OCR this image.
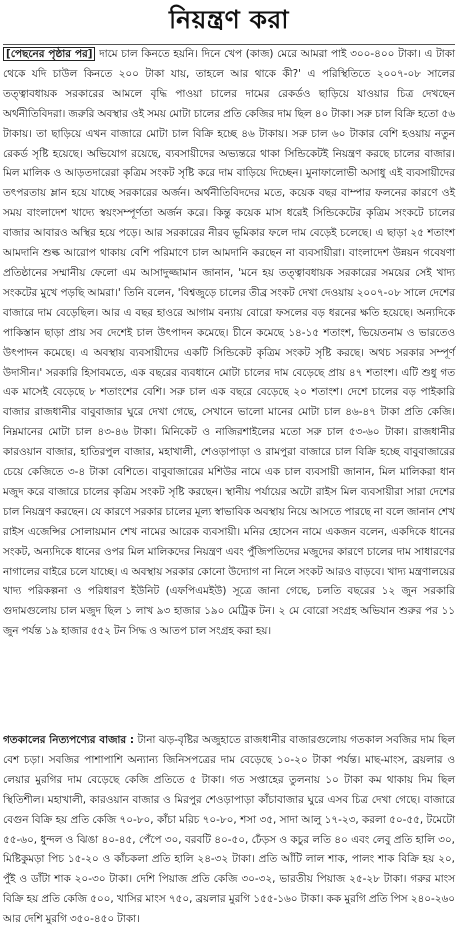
নিয়ন্ত্রণ করা

[পেছনের পৃষ্ঠার পর] দামে চাল কিনতে হয়নি। দিনে খেপ (কাজ) মেরে আমরা পাই ৩০০-৪০০ টাকা। এ টাকা থেকে যদি চাউল কিনতে ২০০ টাকা যায়, তাহলে আর থাকে কী?' এ পরিস্থিতিতে ২০০৭-০৮ সালের তত্ত্বাবধায়ক সরকারের আমলে বৃদ্ধি পাওয়া চালের দামের রেকর্ডও ছাড়িয়ে যাওয়ার চিত্র দেখছেন অর্থনীতিবিদরা। জরুরি অবস্থার ওই সময় মোটা চালের প্রতি কেজির দাম ছিল ৪০ টাকা। সরু চাল বিক্রি হতো ৫৬ টাকায়। তা ছাড়িয়ে এখন বাজারে মোটা চাল বিক্রি হচ্ছে ৪৬ টাকায়। সরু চাল ৬০ টাকার বেশি হওয়ায় নতুন রেকর্ড সৃষ্টি হয়েছে। অভিযোগ রয়েছে, ব্যবসায়ীদের অভ্যন্তরে থাকা সিন্ডিকেটই নিয়ন্ত্রণ করছে চালের বাজার। মিল মালিক ও আড়তদারেরা কৃত্রিম সংকট সৃষ্টি করে দাম বাড়িয়ে দিচ্ছেন। মুনাফালোভী অসাধু এই ব্যবসায়ীদের তৎপরতায় ম্লান হয়ে যাচ্ছে সরকারের অর্জন। অর্থনীতিবিদদের মতে, কয়েক বছর বাম্পার ফলনের কারণে ওই সময় বাংলাদেশ খাদ্যে স্বয়ংসম্পূর্ণতা অর্জন করে। কিন্তু কয়েক মাস ধরেই সিন্ডিকেটের কৃত্রিম সংকটে চালের বাজার আবারও অস্থির হয়ে পড়ে। আর সরকারের নীরব ভূমিকার ফলে দাম বেড়েই চলেছে। এ ছাড়া ২৫ শতাংশ আমদানি শুল্ক আরোপ থাকায় বেশি পরিমাণে চাল আমদানি করছেন না ব্যবসায়ীরা। বাংলাদেশ উন্নয়ন গবেষণা প্রতিষ্ঠানের সম্মানীয় ফেলো এম আসাদুজ্জামান জানান, 'মনে হয় তত্ত্বাবধায়ক সরকারের সময়ের সেই খাদ্য সংকটের মুখে পড়ছি আমরা।' তিনি বলেন, 'বিশ্বজুড়ে চালের তীব্র সংকট দেখা দেওয়ায় ২০০৭-০৮ সালে দেশের বাজারে দাম বেড়েছিল। আর এ বছর হাওরে আগাম বন্যায় বোরো ফসলের বড় ধরনের ক্ষতি হয়েছে। অন্যদিকে পাকিস্তান ছাড়া প্রায় সব দেশেই চাল উৎপাদন কমেছে। চীনে কমেছে ১৪-১৫ শতাংশ, ভিয়েতনাম ও ভারতেও উৎপাদন কমেছে। এ অবস্থায় ব্যবসায়ীদের একটি সিন্ডিকেট কৃত্রিম সংকট সৃষ্টি করছে। অথচ সরকার সম্পূর্ণ উদাসীন।' সরকারি হিসাবমতে, এক বছরের ব্যবধানে মোটা চালের দাম বেড়েছে প্রায় ৪৭ শতাংশ। এটি শুধু গত এক মাসেই বেড়েছে ৮ শতাংশের বেশি। সরু চাল এক বছরে বেড়েছে ২০ শতাংশ। দেশে চালের বড় পাইকারি বাজার রাজধানীর বাবুবাজার ঘুরে দেখা গেছে, সেখানে ভালো মানের মোটা চাল ৪৬-৪৭ টাকা প্রতি কেজি। নিম্নমানের মোটা চাল ৪৩-৪৬ টাকা। মিনিকেট ও নাজিরশাইলের মতো সরু চাল ৫৩-৬০ টাকা। রাজধানীর কারওয়ান বাজার, হাতিরপুল বাজার, মহাখালী, শেওড়াপাড়া ও রামপুরা বাজারে চাল বিক্রি হচ্ছে বাবুবাজারের চেয়ে কেজিতে ৩-৪ টাকা বেশিতে। বাবুবাজারের মশিউর নামে এক চাল ব্যবসায়ী জানান, মিল মালিকরা ধান মজুদ করে বাজারে চালের কৃত্রিম সংকট সৃষ্টি করছেন। স্থানীয় পর্যায়ের অটো রাইস মিল ব্যবসায়ীরা সারা দেশের চাল নিয়ন্ত্রণ করছেন। যে কারণে সরকার চালের মূল্য স্বাভাবিক অবস্থায় নিয়ে আসতে পারছে না বলে জানান শেখ রাইস এজেন্সির সোলায়মান শেখ নামের আরেক ব্যবসায়ী। মনির হোসেন নামে একজন বলেন, একদিকে ধানের সংকট, অন্যদিকে ধানের ওপর মিল মালিকদের নিয়ন্ত্রণ এবং পুঁজিপতিদের মজুদের কারণে চালের দাম সাধারণের নাগালের বাইরে চলে যাচ্ছে। এ অবস্থায় সরকার কোনো উদ্যোগ না নিলে সংকট আরও বাড়বে। খাদ্য মন্ত্রণালয়ের খাদ্য পরিকল্পনা ও পরিধারণ ইউনিট (এফপিএমইউ) সূত্রে জানা গেছে, চলতি বছরের ১২ জুন সরকারি গুদামগুলোয় চাল মজুদ ছিল ১ লাখ ৯৩ হাজার ১৯০ মেট্রিক টন। ২ মে বোরো সংগ্রহ অভিযান শুরুর পর ১১ জুন পর্যন্ত ১৯ হাজার ৫৫২ টন সিদ্ধ ও আতপ চাল সংগ্রহ করা হয়।

গতকালের নিত্যপণ্যের বাজার : টানা ঝড়-বৃষ্টির অজুহাতে রাজধানীর বাজারগুলোয় গতকাল সবজির দাম ছিল বেশ চড়া। সবজির পাশাপাশি অন্যান্য জিনিসপত্রের দাম বেড়েছে ১০-২০ টাকা পর্যন্ত। মাছ-মাংস, ব্রয়লার ও লেয়ার মুরগির দাম বেড়েছে কেজি প্রতিতে ৫ টাকা। গত সপ্তাহের তুলনায় ১০ টাকা কম থাকায় দিম ছিল স্থিতিশীল। মহাখালী, কারওয়ান বাজার ও মিরপুর শেওড়াপাড়া কাঁচাবাজার ঘুরে এসব চিত্র দেখা গেছে। বাজারে বেগুন বিক্রি হয় প্রতি কেজি ৭০-৮০, কাঁচা মরিচ ৭০-৮০, শসা ৩৫, সাদা আলু ১৭-২৩, করলা ৫০-৫৫, টমেটো ৫৫-৬০, ধুন্দল ও ঝিঙা ৪০-৪৫, পেঁপে ৩০, বরবটি ৪০-৫০, ঢেঁড়স ও কচুর লতি ৪০ এবং লেবু প্রতি হালি ৩০, মিষ্টিকুমড়া পিচ ১৫-২০ ও কাঁচকলা প্রতি হালি ২৪-৩২ টাকা। প্রতি আঁটি লাল শাক, পালং শাক বিক্রি হয় ২০, পুঁই ও ডাঁটা শাক ২০-৩০ টাকা। দেশি পিয়াজ প্রতি কেজি ৩০-৩২, ভারতীয় পিয়াজ ২৫-২৮ টাকা। গরুর মাংস বিক্রি হয় প্রতি কেজি ৫০০, খাসির মাংস ৭৫০, ব্রয়লার মুরগি ১৫৫-১৬০ টাকা। কক মুরগি প্রতি পিস ২৪০-২৬০ আর দেশি মুরগি ৩৫০-৪৫০ টাকা।
